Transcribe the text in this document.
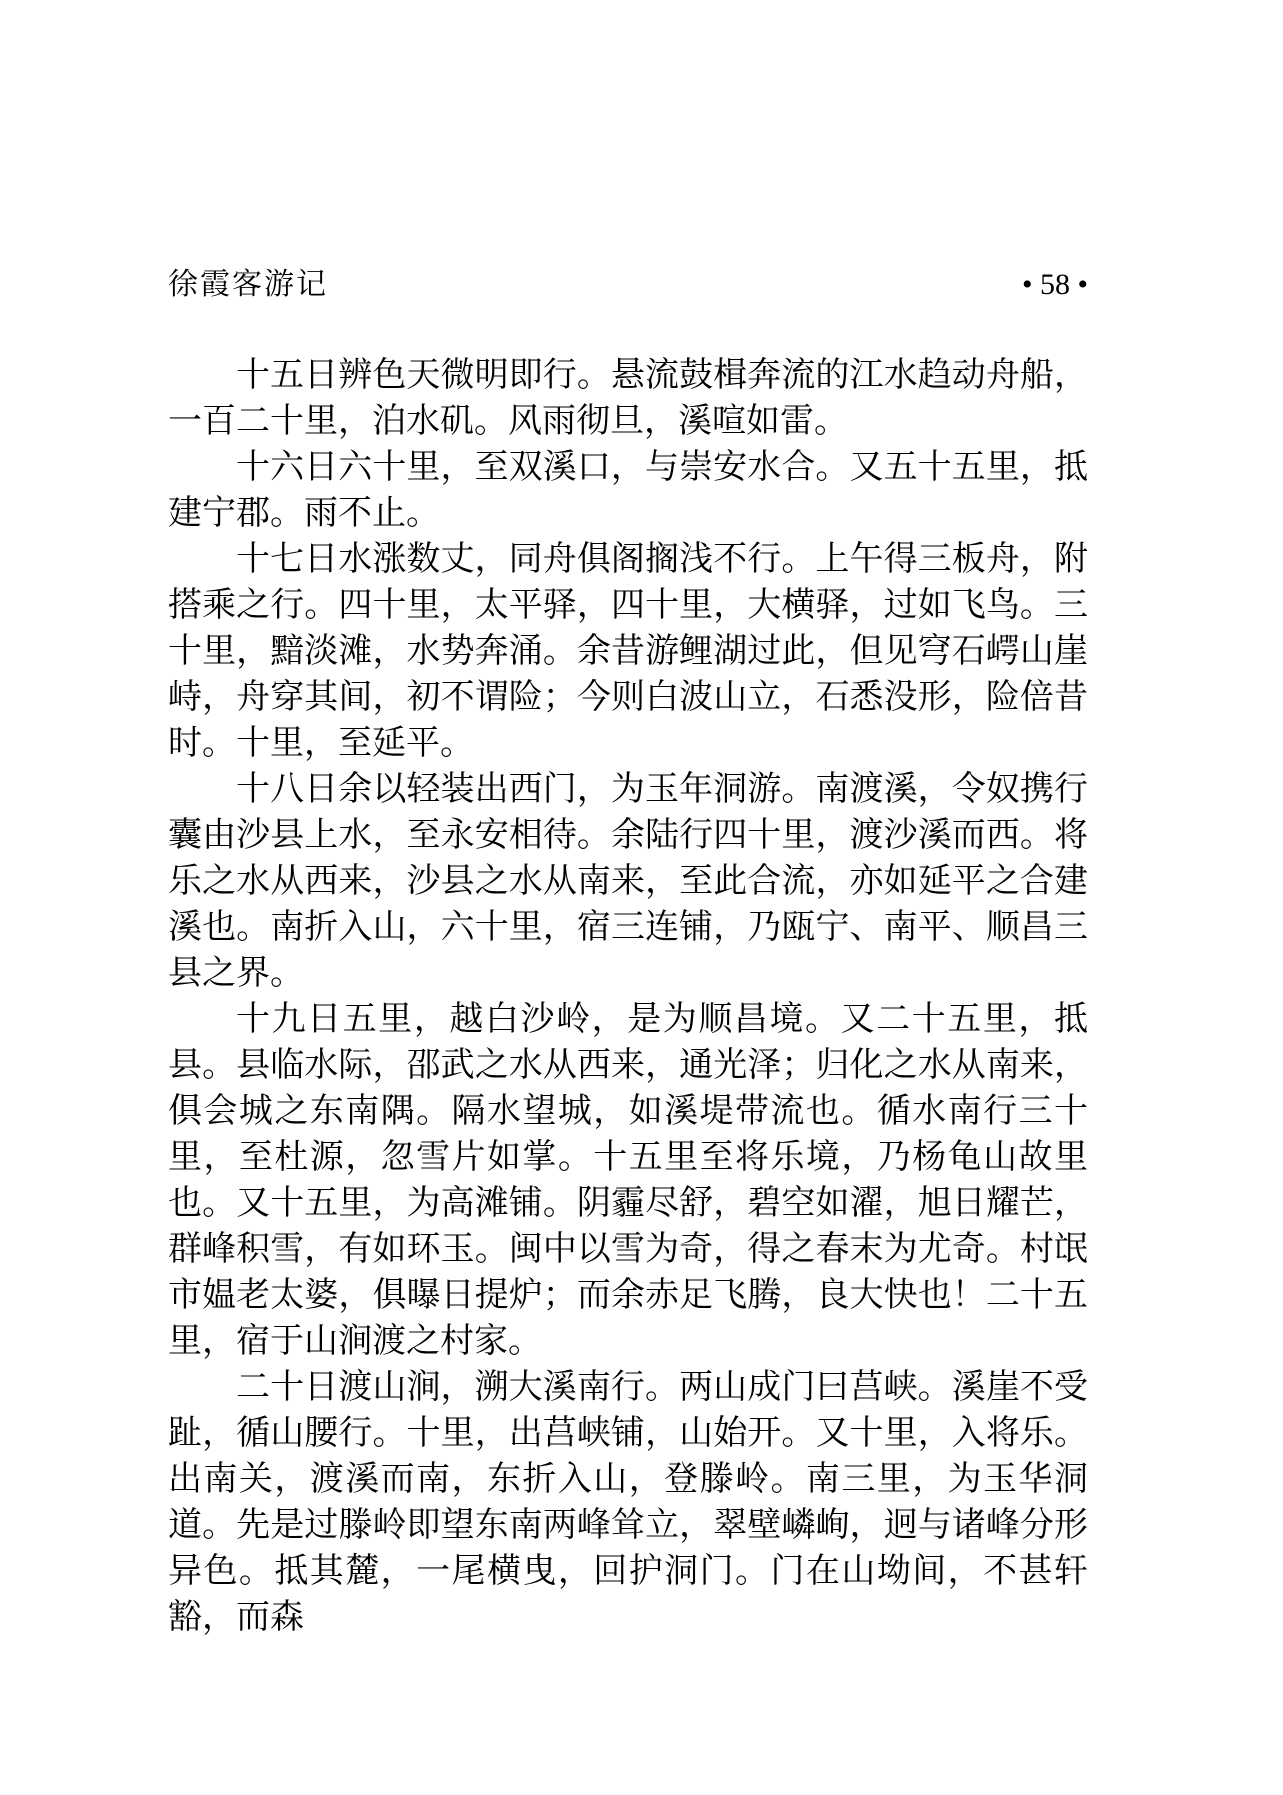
徐霞客游记	• 58 •

十五日辨色天微明即行。悬流鼓楫奔流的江水趋动舟船，一百二十里，泊水矶。风雨彻旦，溪喧如雷。

十六日六十里，至双溪口，与崇安水合。又五十五里，抵建宁郡。雨不止。

十七日水涨数丈，同舟俱阁搁浅不行。上午得三板舟，附搭乘之行。四十里，太平驿，四十里，大横驿，过如飞鸟。三十里，黯淡滩，水势奔涌。余昔游鲤湖过此，但见穹石崿山崖峙，舟穿其间，初不谓险；今则白波山立，石悉没形，险倍昔时。十里，至延平。

十八日余以轻装出西门，为玉年洞游。南渡溪，令奴携行囊由沙县上水，至永安相待。余陆行四十里，渡沙溪而西。将乐之水从西来，沙县之水从南来，至此合流，亦如延平之合建溪也。南折入山，六十里，宿三连铺，乃瓯宁、南平、顺昌三县之界。

十九日五里，越白沙岭，是为顺昌境。又二十五里，抵县。县临水际，邵武之水从西来，通光泽；归化之水从南来，俱会城之东南隅。隔水望城，如溪堤带流也。循水南行三十里，至杜源，忽雪片如掌。十五里至将乐境，乃杨龟山故里也。又十五里，为高滩铺。阴霾尽舒，碧空如濯，旭日耀芒，群峰积雪，有如环玉。闽中以雪为奇，得之春末为尤奇。村氓市媪老太婆，俱曝日提炉；而余赤足飞腾，良大快也！二十五里，宿于山涧渡之村家。

二十日渡山涧，溯大溪南行。两山成门曰莒峡。溪崖不受趾，循山腰行。十里，出莒峡铺，山始开。又十里，入将乐。出南关，渡溪而南，东折入山，登滕岭。南三里，为玉华洞道。先是过滕岭即望东南两峰耸立，翠壁嶙峋，迥与诸峰分形异色。抵其麓，一尾横曳，回护洞门。门在山坳间，不甚轩豁，而森
